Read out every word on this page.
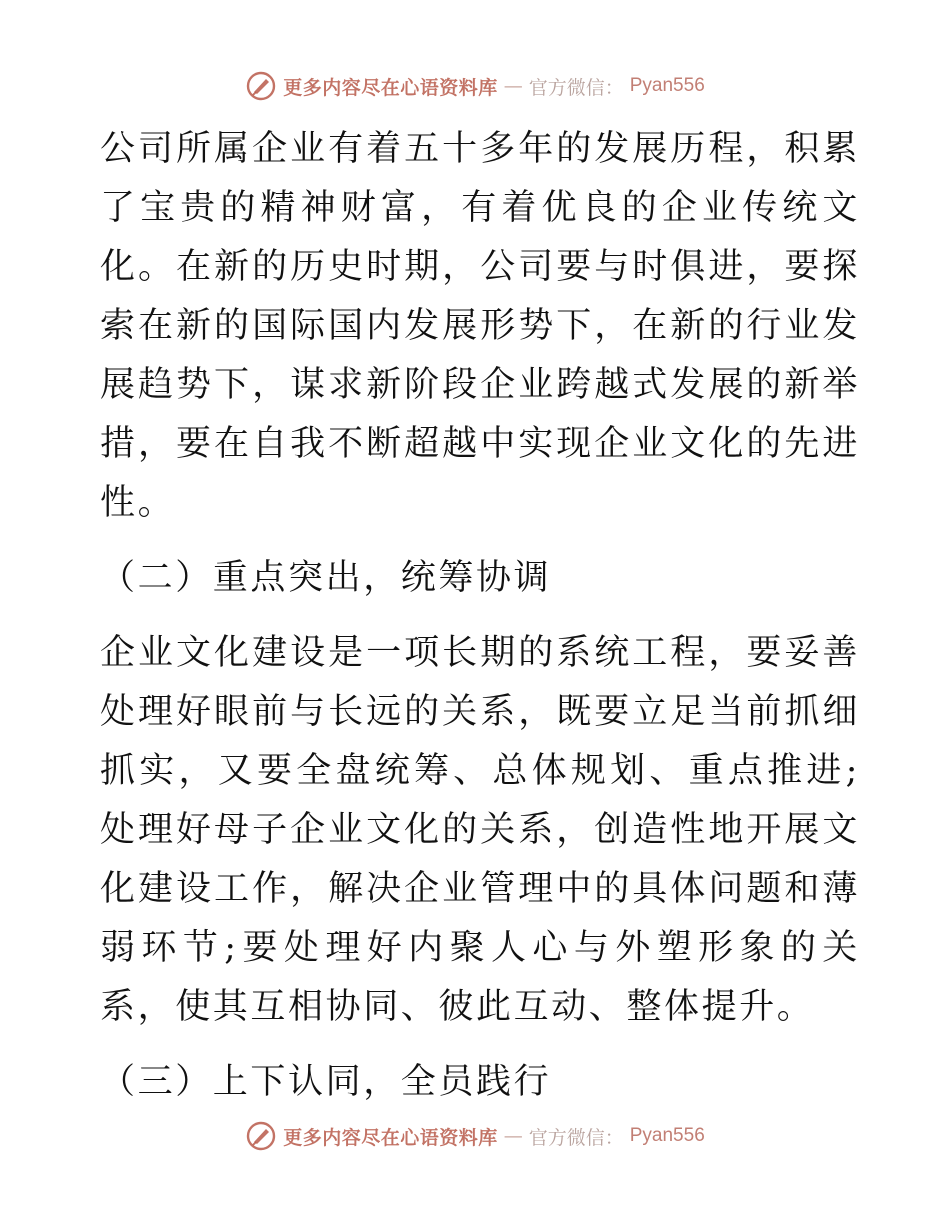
更多内容尽在心语资料库 — 官方微信： Pyan556

公司所属企业有着五十多年的发展历程，积累了宝贵的精神财富，有着优良的企业传统文化。在新的历史时期，公司要与时俱进，要探索在新的国际国内发展形势下，在新的行业发展趋势下，谋求新阶段企业跨越式发展的新举措，要在自我不断超越中实现企业文化的先进性。

（二）重点突出，统筹协调

企业文化建设是一项长期的系统工程，要妥善处理好眼前与长远的关系，既要立足当前抓细抓实，又要全盘统筹、总体规划、重点推进;处理好母子企业文化的关系，创造性地开展文化建设工作，解决企业管理中的具体问题和薄弱环节;要处理好内聚人心与外塑形象的关系，使其互相协同、彼此互动、整体提升。

（三）上下认同，全员践行

更多内容尽在心语资料库 — 官方微信： Pyan556
